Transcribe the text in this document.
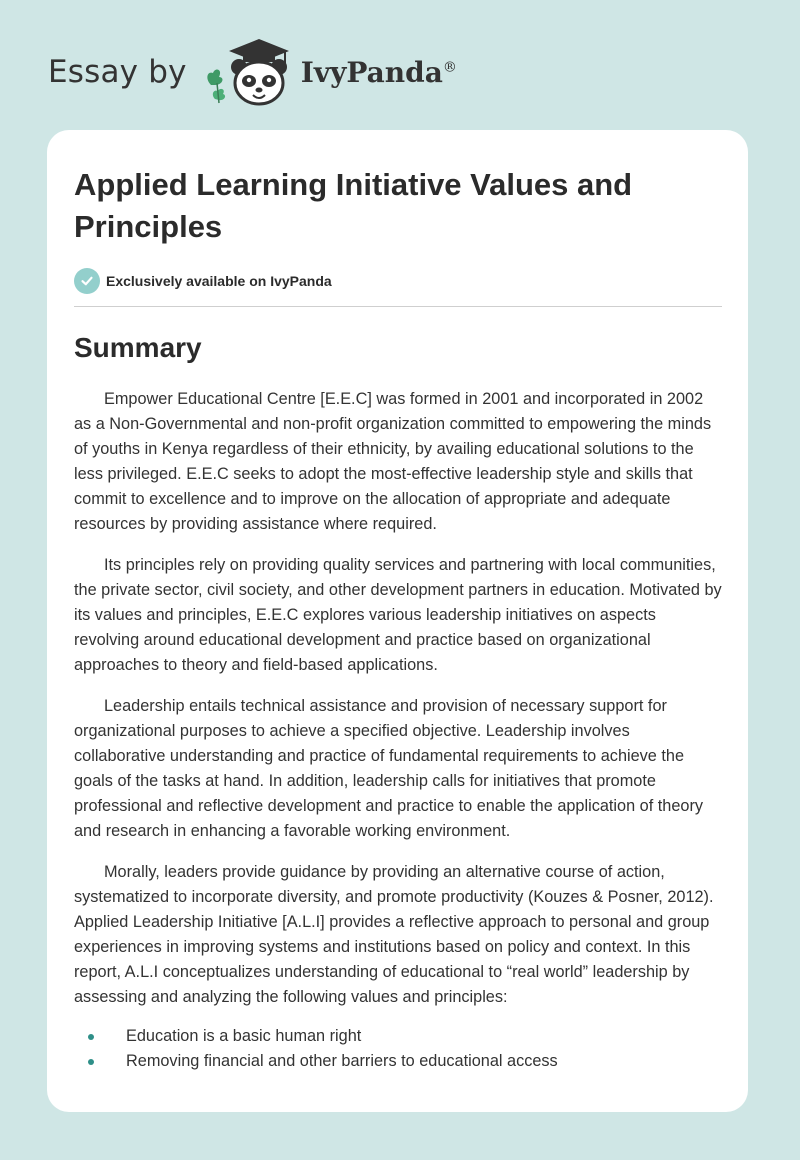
Essay by	IvyPanda®
Applied Learning Initiative Values and Principles
Exclusively available on IvyPanda
Summary

Empower Educational Centre [E.E.C] was formed in 2001 and incorporated in 2002 as a Non-Governmental and non-profit organization committed to empowering the minds of youths in Kenya regardless of their ethnicity, by availing educational solutions to the less privileged. E.E.C seeks to adopt the most-effective leadership style and skills that commit to excellence and to improve on the allocation of appropriate and adequate resources by providing assistance where required.

Its principles rely on providing quality services and partnering with local communities, the private sector, civil society, and other development partners in education. Motivated by its values and principles, E.E.C explores various leadership initiatives on aspects revolving around educational development and practice based on organizational approaches to theory and field-based applications.

Leadership entails technical assistance and provision of necessary support for organizational purposes to achieve a specified objective. Leadership involves collaborative understanding and practice of fundamental requirements to achieve the goals of the tasks at hand. In addition, leadership calls for initiatives that promote professional and reflective development and practice to enable the application of theory and research in enhancing a favorable working environment.

Morally, leaders provide guidance by providing an alternative course of action, systematized to incorporate diversity, and promote productivity (Kouzes & Posner, 2012). Applied Leadership Initiative [A.L.I] provides a reflective approach to personal and group experiences in improving systems and institutions based on policy and context. In this report, A.L.I conceptualizes understanding of educational to “real world” leadership by assessing and analyzing the following values and principles:

Education is a basic human right
Removing financial and other barriers to educational access
